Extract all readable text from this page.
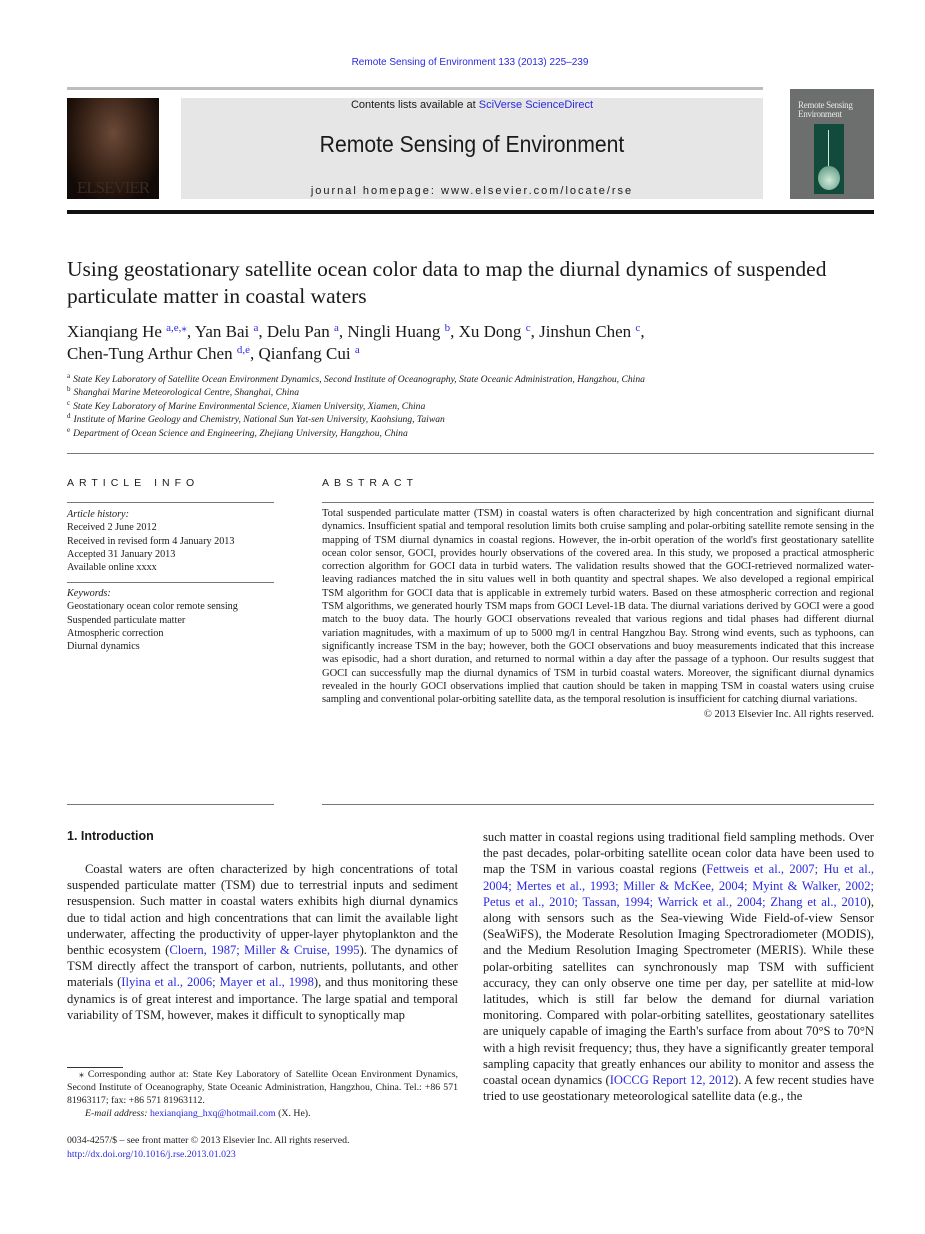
Remote Sensing of Environment 133 (2013) 225–239
ELSEVIER
Contents lists available at SciVerse ScienceDirect
Remote Sensing of Environment
journal homepage: www.elsevier.com/locate/rse
Remote Sensing Environment
Using geostationary satellite ocean color data to map the diurnal dynamics of suspended particulate matter in coastal waters
Xianqiang He $^{a,e,⁎}$, Yan Bai $^a$, Delu Pan $^a$, Ningli Huang $^b$, Xu Dong $^c$, Jinshun Chen $^c$,
Chen-Tung Arthur Chen $^{d,e}$, Qianfang Cui $^a$
$^a$ State Key Laboratory of Satellite Ocean Environment Dynamics, Second Institute of Oceanography, State Oceanic Administration, Hangzhou, China
$^b$ Shanghai Marine Meteorological Centre, Shanghai, China
$^c$ State Key Laboratory of Marine Environmental Science, Xiamen University, Xiamen, China
$^d$ Institute of Marine Geology and Chemistry, National Sun Yat-sen University, Kaohsiung, Taiwan
$^e$ Department of Ocean Science and Engineering, Zhejiang University, Hangzhou, China
ARTICLE INFO	ABSTRACT
Article history:
Received 2 June 2012
Received in revised form 4 January 2013
Accepted 31 January 2013
Available online xxxx
Keywords:
Geostationary ocean color remote sensing
Suspended particulate matter
Atmospheric correction
Diurnal dynamics
Total suspended particulate matter (TSM) in coastal waters is often characterized by high concentration and significant diurnal dynamics. Insufficient spatial and temporal resolution limits both cruise sampling and polar-orbiting satellite remote sensing in the mapping of TSM diurnal dynamics in coastal regions. However, the in-orbit operation of the world's first geostationary satellite ocean color sensor, GOCI, provides hourly observations of the covered area. In this study, we proposed a practical atmospheric correction algorithm for GOCI data in turbid waters. The validation results showed that the GOCI-retrieved normalized water-leaving radiances matched the in situ values well in both quantity and spectral shapes. We also developed a regional empirical TSM algorithm for GOCI data that is applicable in extremely turbid waters. Based on these atmospheric correction and regional TSM algorithms, we generated hourly TSM maps from GOCI Level-1B data. The diurnal variations derived by GOCI were a good match to the buoy data. The hourly GOCI observations revealed that various regions and tidal phases had different diurnal variation magnitudes, with a maximum of up to 5000 mg/l in central Hangzhou Bay. Strong wind events, such as typhoons, can significantly increase TSM in the bay; however, both the GOCI observations and buoy measurements indicated that this increase was episodic, had a short duration, and returned to normal within a day after the passage of a typhoon. Our results suggest that GOCI can successfully map the diurnal dynamics of TSM in turbid coastal waters. Moreover, the significant diurnal dynamics revealed in the hourly GOCI observations implied that caution should be taken in mapping TSM in coastal waters using cruise sampling and conventional polar-orbiting satellite data, as the temporal resolution is insufficient for catching diurnal variations.
© 2013 Elsevier Inc. All rights reserved.
1. Introduction
Coastal waters are often characterized by high concentrations of total suspended particulate matter (TSM) due to terrestrial inputs and sediment resuspension. Such matter in coastal waters exhibits high diurnal dynamics due to tidal action and high concentrations that can limit the available light underwater, affecting the productivity of upper-layer phytoplankton and the benthic ecosystem (Cloern, 1987; Miller & Cruise, 1995). The dynamics of TSM directly affect the transport of carbon, nutrients, pollutants, and other materials (Ilyina et al., 2006; Mayer et al., 1998), and thus monitoring these dynamics is of great interest and importance. The large spatial and temporal variability of TSM, however, makes it difficult to synoptically map
such matter in coastal regions using traditional field sampling methods. Over the past decades, polar-orbiting satellite ocean color data have been used to map the TSM in various coastal regions (Fettweis et al., 2007; Hu et al., 2004; Mertes et al., 1993; Miller & McKee, 2004; Myint & Walker, 2002; Petus et al., 2010; Tassan, 1994; Warrick et al., 2004; Zhang et al., 2010), along with sensors such as the Sea-viewing Wide Field-of-view Sensor (SeaWiFS), the Moderate Resolution Imaging Spectroradiometer (MODIS), and the Medium Resolution Imaging Spectrometer (MERIS). While these polar-orbiting satellites can synchronously map TSM with sufficient accuracy, they can only observe one time per day, per satellite at mid-low latitudes, which is still far below the demand for diurnal variation monitoring. Compared with polar-orbiting satellites, geostationary satellites are uniquely capable of imaging the Earth's surface from about 70°S to 70°N with a high revisit frequency; thus, they have a significantly greater temporal sampling capacity that greatly enhances our ability to monitor and assess the coastal ocean dynamics (IOCCG Report 12, 2012). A few recent studies have tried to use geostationary meteorological satellite data (e.g., the
⁎ Corresponding author at: State Key Laboratory of Satellite Ocean Environment Dynamics, Second Institute of Oceanography, State Oceanic Administration, Hangzhou, China. Tel.: +86 571 81963117; fax: +86 571 81963112.
E-mail address: hexianqiang_hxq@hotmail.com (X. He).
0034-4257/$ – see front matter © 2013 Elsevier Inc. All rights reserved.
http://dx.doi.org/10.1016/j.rse.2013.01.023
